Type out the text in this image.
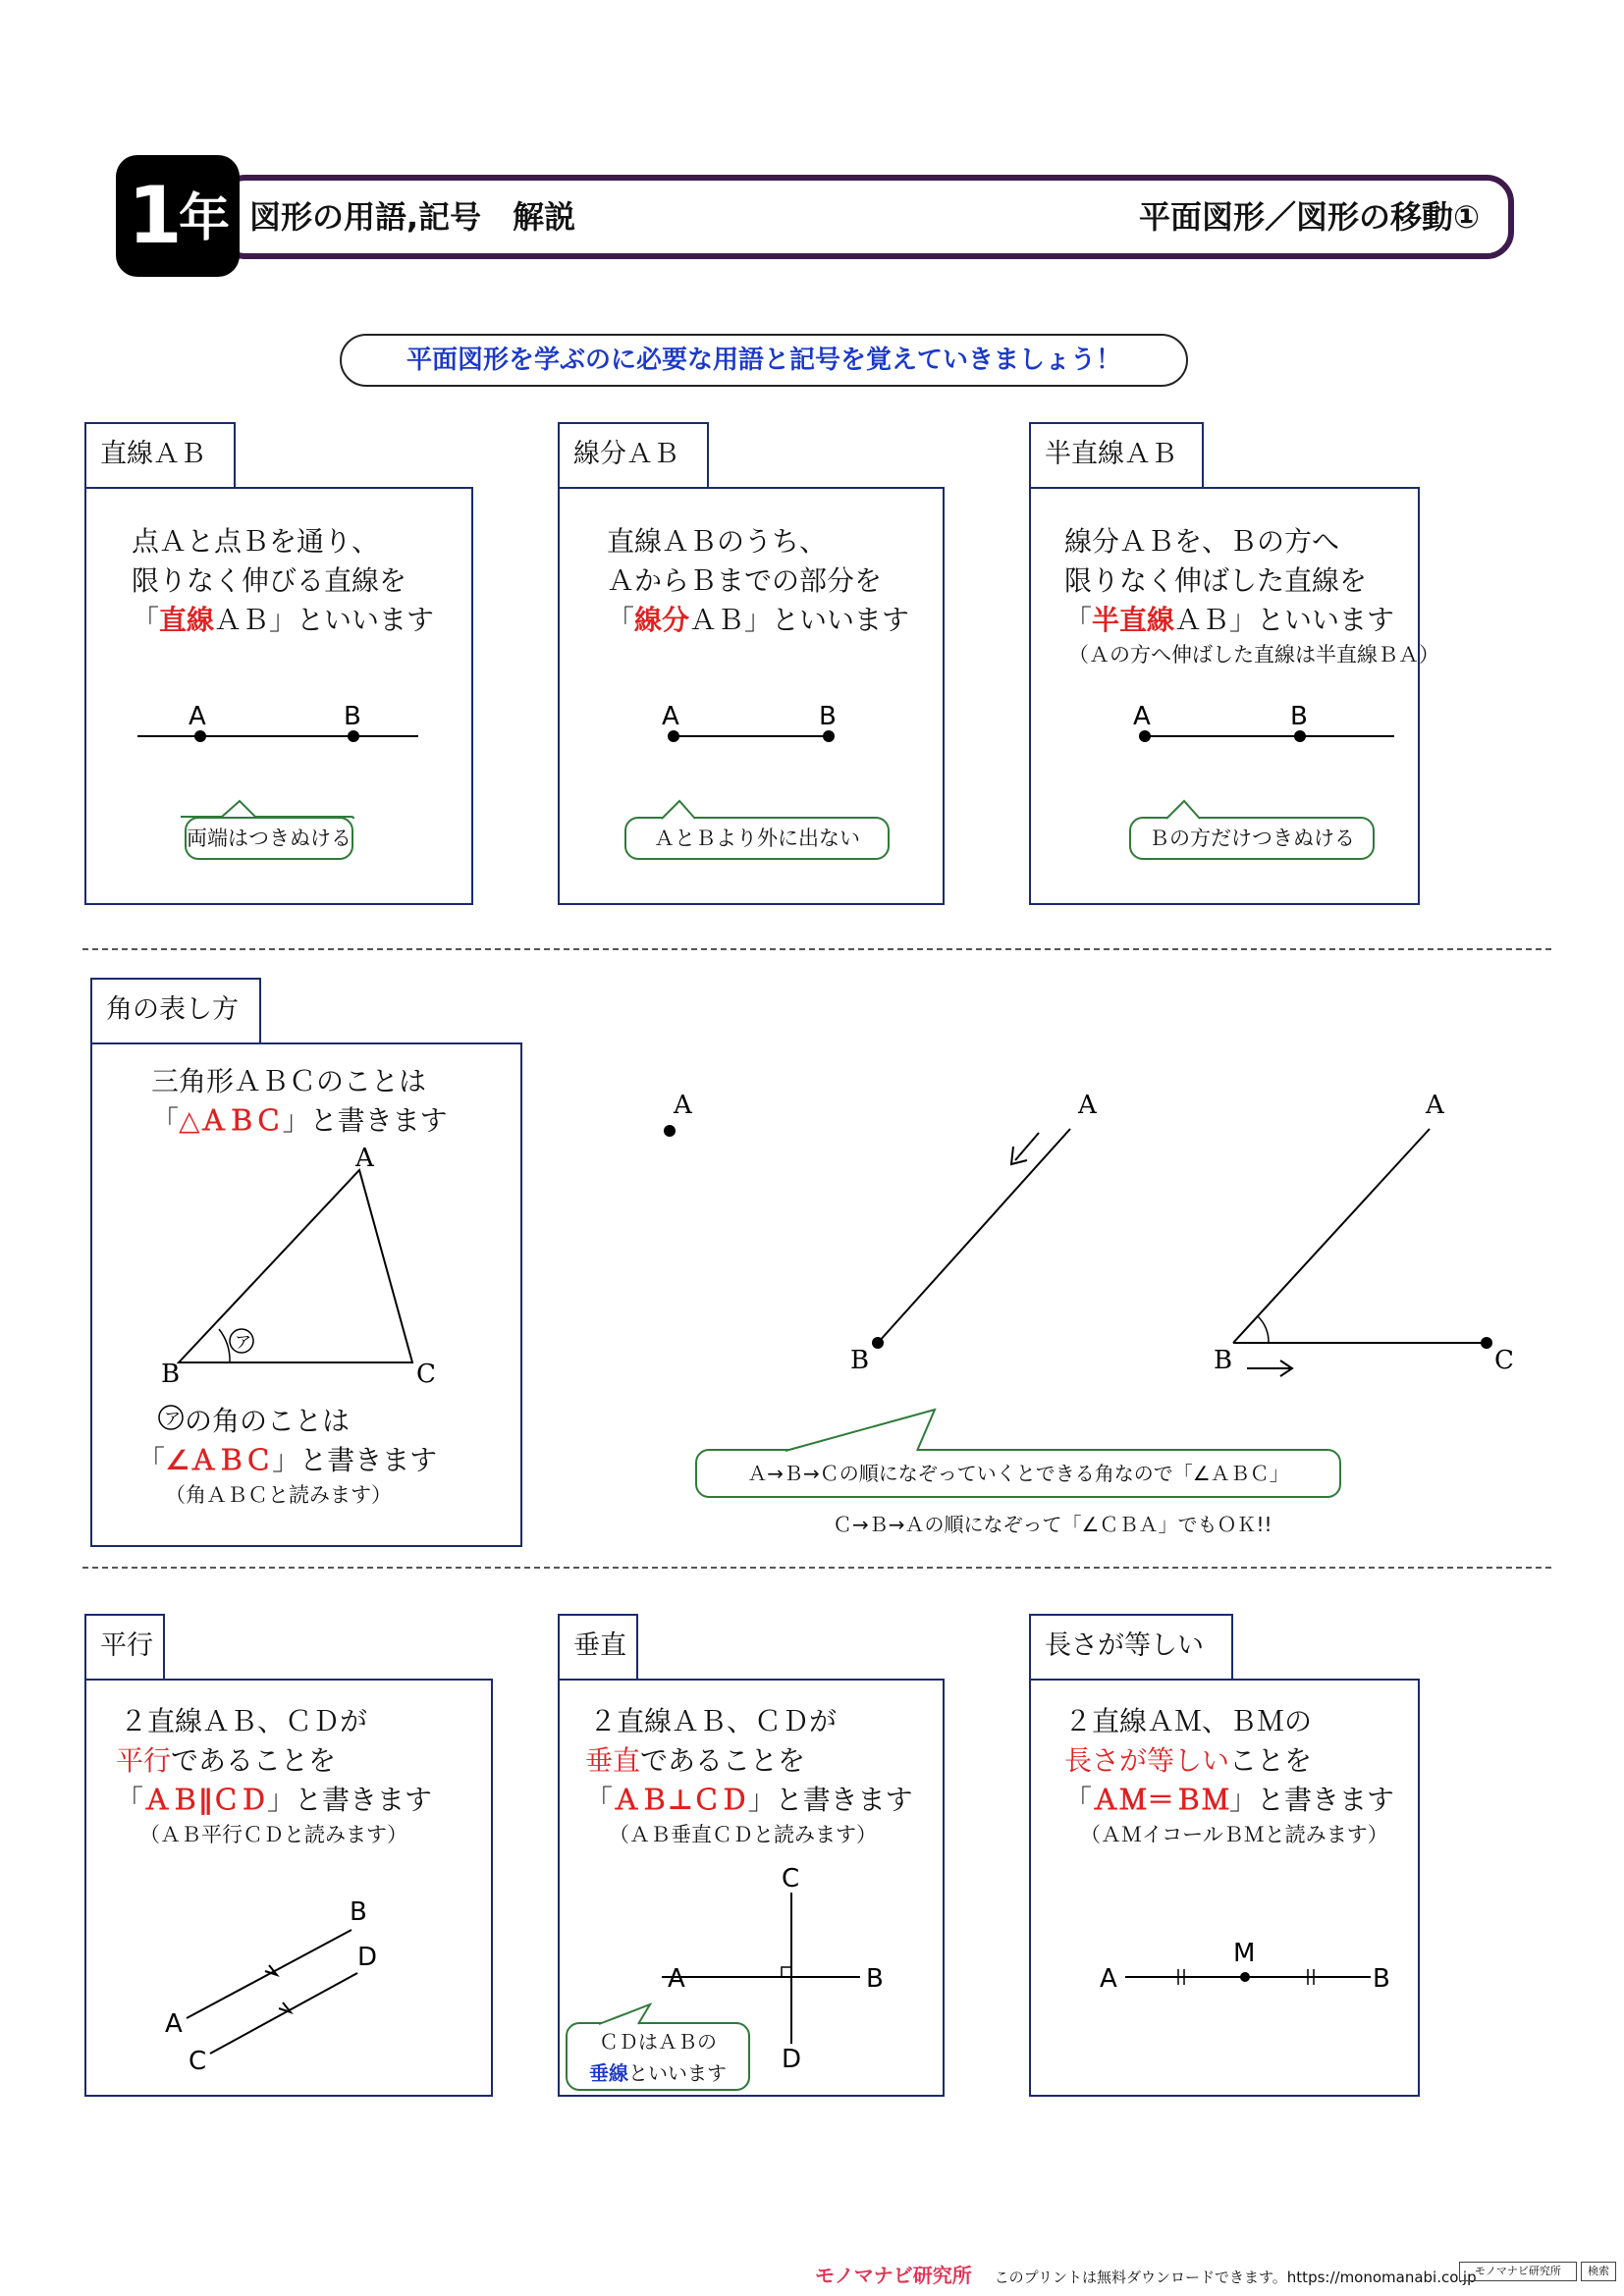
1
年 図形の用語,記号　解説	平面図形／図形の移動①
平面図形を学ぶのに必要な用語と記号を覚えていきましょう！
直線ＡＢ
点Ａと点Ｂを通り、
限りなく伸びる直線を
「直線ＡＢ」といいます
A	B
両端はつきぬける
線分ＡＢ
直線ＡＢのうち、
ＡからＢまでの部分を
「線分ＡＢ」といいます
A	B
ＡとＢより外に出ない
半直線ＡＢ
線分ＡＢを、Ｂの方へ
限りなく伸ばした直線を
「半直線ＡＢ」といいます
（Ａの方へ伸ばした直線は半直線ＢＡ）
A	B
Ｂの方だけつきぬける
角の表し方
三角形ＡＢＣのことは
「△ＡＢＣ」と書きます
ア
A
B	C
ア の角のことは
「∠ＡＢＣ」と書きます
（角ＡＢＣと読みます）
A	A
B
A
B	C
Ａ→Ｂ→Ｃの順になぞっていくとできる角なので「∠ＡＢＣ」
Ｃ→Ｂ→Ａの順になぞって「∠ＣＢＡ」でもＯＫ!!
平行
２直線ＡＢ、ＣＤが
平行であることを
「ＡＢ∥ＣＤ」と書きます
（ＡＢ平行ＣＤと読みます）
A
B
C
D
垂直
２直線ＡＢ、ＣＤが
垂直であることを
「ＡＢ⊥ＣＤ」と書きます
（ＡＢ垂直ＣＤと読みます）
A	B
C
D
ＣＤはＡＢの
垂線といいます
長さが等しい
２直線ＡＭ、ＢＭの
長さが等しいことを
「ＡＭ＝ＢＭ」と書きます
（ＡＭイコールＢＭと読みます）
A
M
B
モノマナビ研究所 このプリントは無料ダウンロードできます。https://monomanabi.co.jp
モノマナビ研究所	検索
